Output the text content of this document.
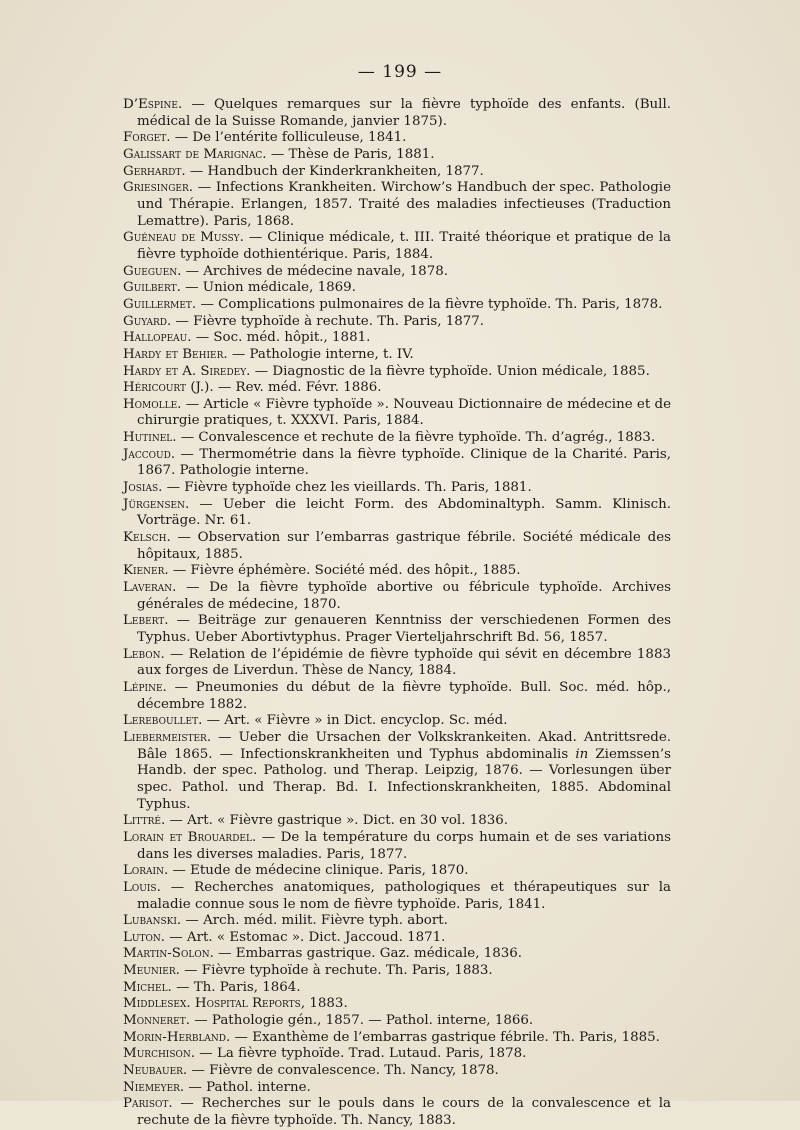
— 199 —
D’Espine. — Quelques remarques sur la fièvre typhoïde des enfants. (Bull. médical de la Suisse Romande, janvier 1875).
Forget. — De l’entérite folliculeuse, 1841.
Galissart de Marignac. — Thèse de Paris, 1881.
Gerhardt. — Handbuch der Kinderkrankheiten, 1877.
Griesinger. — Infections Krankheiten. Wirchow’s Handbuch der spec. Pathologie und Thérapie. Erlangen, 1857. Traité des maladies infectieuses (Traduction Lemattre). Paris, 1868.
Guéneau de Mussy. — Clinique médicale, t. III. Traité théorique et pratique de la fièvre typhoïde dothientérique. Paris, 1884.
Gueguen. — Archives de médecine navale, 1878.
Guilbert. — Union médicale, 1869.
Guillermet. — Complications pulmonaires de la fièvre typhoïde. Th. Paris, 1878.
Guyard. — Fièvre typhoïde à rechute. Th. Paris, 1877.
Hallopeau. — Soc. méd. hôpit., 1881.
Hardy et Behier. — Pathologie interne, t. IV.
Hardy et A. Siredey. — Diagnostic de la fièvre typhoïde. Union médicale, 1885.
Héricourt (J.). — Rev. méd. Févr. 1886.
Homolle. — Article « Fièvre typhoïde ». Nouveau Dictionnaire de médecine et de chirurgie pratiques, t. XXXVI. Paris, 1884.
Hutinel. — Convalescence et rechute de la fièvre typhoïde. Th. d’agrég., 1883.
Jaccoud. — Thermométrie dans la fièvre typhoïde. Clinique de la Charité. Paris, 1867. Pathologie interne.
Josias. — Fièvre typhoïde chez les vieillards. Th. Paris, 1881.
Jürgensen. — Ueber die leicht Form. des Abdominaltyph. Samm. Klinisch. Vorträge. Nr. 61.
Kelsch. — Observation sur l’embarras gastrique fébrile. Société médicale des hôpitaux, 1885.
Kiener. — Fièvre éphémère. Société méd. des hôpit., 1885.
Laveran. — De la fièvre typhoïde abortive ou fébricule typhoïde. Archives générales de médecine, 1870.
Lebert. — Beiträge zur genaueren Kenntniss der verschiedenen Formen des Typhus. Ueber Abortivtyphus. Prager Vierteljahrschrift Bd. 56, 1857.
Lebon. — Relation de l’épidémie de fièvre typhoïde qui sévit en décembre 1883 aux forges de Liverdun. Thèse de Nancy, 1884.
Lépine. — Pneumonies du début de la fièvre typhoïde. Bull. Soc. méd. hôp., décembre 1882.
Lereboullet. — Art. « Fièvre » in Dict. encyclop. Sc. méd.
Liebermeister. — Ueber die Ursachen der Volkskrankeiten. Akad. Antrittsrede. Bâle 1865. — Infectionskrankheiten und Typhus abdominalis in Ziemssen’s Handb. der spec. Patholog. und Therap. Leipzig, 1876. — Vorlesungen über spec. Pathol. und Therap. Bd. I. Infectionskrankheiten, 1885. Abdominal Typhus.
Littré. — Art. « Fièvre gastrique ». Dict. en 30 vol. 1836.
Lorain et Brouardel. — De la température du corps humain et de ses variations dans les diverses maladies. Paris, 1877.
Lorain. — Etude de médecine clinique. Paris, 1870.
Louis. — Recherches anatomiques, pathologiques et thérapeutiques sur la maladie connue sous le nom de fièvre typhoïde. Paris, 1841.
Lubanski. — Arch. méd. milit. Fièvre typh. abort.
Luton. — Art. « Estomac ». Dict. Jaccoud. 1871.
Martin-Solon. — Embarras gastrique. Gaz. médicale, 1836.
Meunier. — Fièvre typhoïde à rechute. Th. Paris, 1883.
Michel. — Th. Paris, 1864.
Middlesex. Hospital Reports, 1883.
Monneret. — Pathologie gén., 1857. — Pathol. interne, 1866.
Morin-Herbland. — Exanthème de l’embarras gastrique fébrile. Th. Paris, 1885.
Murchison. — La fièvre typhoïde. Trad. Lutaud. Paris, 1878.
Neubauer. — Fièvre de convalescence. Th. Nancy, 1878.
Niemeyer. — Pathol. interne.
Parisot. — Recherches sur le pouls dans le cours de la convalescence et la rechute de la fièvre typhoïde. Th. Nancy, 1883.
